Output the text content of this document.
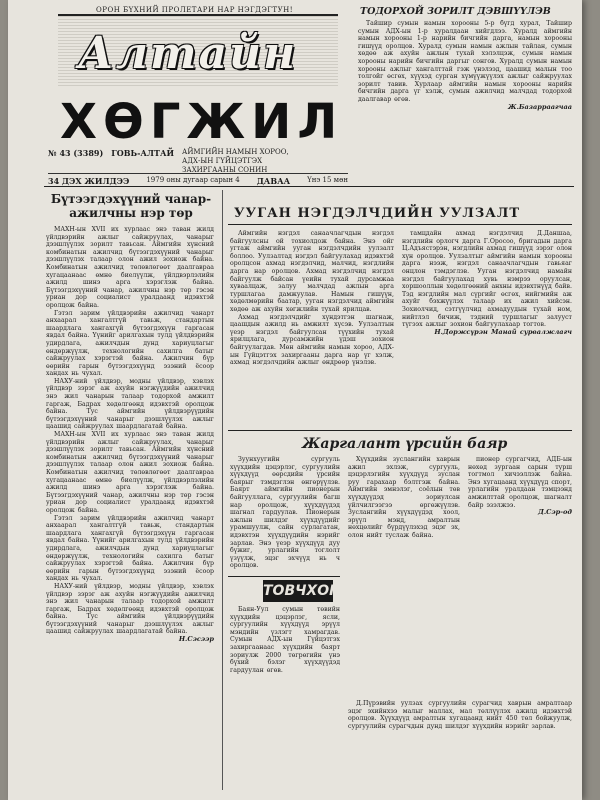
ОРОН БҮХНИЙ ПРОЛЕТАРИ НАР НЭГДЭГТУН!
Алтайн
ХӨГЖИЛ
№ 43 (3389) ГОВЬ-АЛТАЙ АЙМГИЙН НАМЫН ХОРОО, АДХ-ЫН ГҮЙЦЭТГЭХ ЗАХИРГААНЫ СОНИН
34 ДЭХ ЖИЛДЭЭ 1979 оны дугаар сарын 4 ДАВАА Үнэ 15 мөн
ТОДОРХОЙ ЗОРИЛТ ДЭВШҮҮЛЭВ

Тайшир сумын намын хорооны 5-р бүгд хурал, Тайшир сумын АДХ-ын 1-р хуралдаан хийгдлээ. Хуралд аймгийн намын хорооны 1-р нарийн бичгийн дарга, намын хорооны гишүүд оролцов. Хуралд сумын намын ажлын тайлан, сумын хөдөө аж ахуйн ажлын тухай хэлэлцэж, сумын намын хорооны нарийн бичгийн даргыг сонгов. Хуралд сумын намын хорооны ажлыг хангалттай гэж үнэлээд, цаашид малын тоо толгойг өсгөх, хүүхэд сурган хүмүүжүүлэх ажлыг сайжруулах зорилт тавив. Хурлаар аймгийн намын хорооны нарийн бичгийн дарга үг хэлж, сумын ажилчид малчдад тодорхой даалгавар өгөв.

Ж.Базарраагчаа
Бүтээгдэхүүний чанар-ажилчны нэр төр

МАХН-ын XVII их хурлаас энэ таван жилд үйлдвэрийн ажлыг сайжруулах, чанарыг дээшлүүлэх зорилт тавьсан. Аймгийн хүнсний комбинатын ажилчид бүтээгдэхүүний чанарыг дээшлүүлэх талаар олон ажил зохиож байна. Комбинатын ажилчид төлөвлөгөөт даалгавраа хугацаанаас өмнө биелүүлж, үйлдвэрлэлийн ажилд шинэ арга хэрэглэж байна. Бүтээгдэхүүний чанар, ажилчны нэр төр гэсэн уриан дор социалист уралдаанд идэвхтэй оролцож байна.

Гэтэл зарим үйлдвэрийн ажилчид чанарт анхаарал хангалтгүй тавьж, стандартын шаардлага хангахгүй бүтээгдэхүүн гаргасан явдал байна. Үүнийг арилгахын тулд үйлдвэрийн удирдлага, ажилчдын дунд хариуцлагыг өндөржүүлж, технологийн сахилга батыг сайжруулах хэрэгтэй байна. Ажилчин бүр өөрийн гарын бүтээгдэхүүнд эзэний ёсоор хандах нь чухал.

НАХУ-ний үйлдвэр, модны үйлдвэр, хэвлэх үйлдвэр зэрэг аж ахуйн нэгжүүдийн ажилчид энэ жил чанарын талаар тодорхой амжилт гаргаж, Бадрах хөдөлгөөнд идэвхтэй оролцож байна. Тус аймгийн үйлдвэрүүдийн бүтээгдэхүүний чанарыг дээшлүүлэх ажлыг цаашид сайжруулах шаардлагатай байна.

МАХН-ын XVII их хурлаас энэ таван жилд үйлдвэрийн ажлыг сайжруулах, чанарыг дээшлүүлэх зорилт тавьсан. Аймгийн хүнсний комбинатын ажилчид бүтээгдэхүүний чанарыг дээшлүүлэх талаар олон ажил зохиож байна. Комбинатын ажилчид төлөвлөгөөт даалгавраа хугацаанаас өмнө биелүүлж, үйлдвэрлэлийн ажилд шинэ арга хэрэглэж байна. Бүтээгдэхүүний чанар, ажилчны нэр төр гэсэн уриан дор социалист уралдаанд идэвхтэй оролцож байна.

Гэтэл зарим үйлдвэрийн ажилчид чанарт анхаарал хангалтгүй тавьж, стандартын шаардлага хангахгүй бүтээгдэхүүн гаргасан явдал байна. Үүнийг арилгахын тулд үйлдвэрийн удирдлага, ажилчдын дунд хариуцлагыг өндөржүүлж, технологийн сахилга батыг сайжруулах хэрэгтэй байна. Ажилчин бүр өөрийн гарын бүтээгдэхүүнд эзэний ёсоор хандах нь чухал.

НАХУ-ний үйлдвэр, модны үйлдвэр, хэвлэх үйлдвэр зэрэг аж ахуйн нэгжүүдийн ажилчид энэ жил чанарын талаар тодорхой амжилт гаргаж, Бадрах хөдөлгөөнд идэвхтэй оролцож байна. Тус аймгийн үйлдвэрүүдийн бүтээгдэхүүний чанарыг дээшлүүлэх ажлыг цаашид сайжруулах шаардлагатай байна.

Н.Сэсээр
УУГАН НЭГДЭЛЧДИЙН УУЛЗАЛТ

Аймгийн нэгдэл санаачлагчдын нэгдэл байгуулсны ой тохиолдож байна. Энэ ойг угтаж аймгийн ууган нэгдэлчдийн уулзалт боллоо. Уулзалтад нэгдэл байгуулахад идэвхтэй оролцсон ахмад нэгдэлчид, малчид, нэгдлийн дарга нар оролцов. Ахмад нэгдэлчид нэгдэл байгуулж байсан үеийн тухай дурсамжаа хуваалцаж, залуу малчдад ажлын арга туршлагаа дамжуулав. Намын гишүүн, хөдөлмөрийн баатар, ууган нэгдэлчид аймгийн хөдөө аж ахуйн хөгжлийн тухай ярилцав.

Ахмад нэгдэлчдийг хүндэтгэн шагнаж, цаашдын ажилд нь амжилт хүсэв. Уулзалтын үеэр нэгдэл байгуулсан түүхийн тухай ярилцлага, дурсамжийн үдэш зохион байгуулагдав. Мөн аймгийн намын хороо, АДХ-ын Гүйцэтгэх захиргааны дарга нар үг хэлж, ахмад нэгдэлчдийн ажлыг өндрөөр үнэлэв.

тамцдайн ахмад нэгдэлчид Д.Даншаа, нэгдлийн орлогч дарга Г.Оросоо, бригадын дарга Ц.Адъястэрэн, нэгдлийн ахмад гишүүд зэрэг олон хүн оролцов. Уулзалтыг аймгийн намын хорооны дарга нээж, нэгдэл санаачлагчдын гавьяаг онцлон тэмдэглэв. Ууган нэгдэлчид намайн нэгдэл байгуулахад хувь нэмрээ оруулсан, хоршооллын хөдөлгөөний анхны идэвхтнүүд байв. Тэд нэгдлийн мал сүргийг өсгөх, нийгмийн аж ахуйг бэхжүүлэх талаар их ажил хийсэн. Зохиолчид, сэтгүүлчид ахмадуудын тухай ном, нийтлэл бичиж, тэдний туршлагыг залууст түгээх ажлыг зохион байгуулахаар тогтов.

Н.Доржсүрэн Манай сурвалжлагч
Жаргалант үрсийн баяр

Зуунхуугийн сургууль хүүхдийн цэцэрлэг, сургуулийн хүүхдүүд өөрсдийн үрсийн баярыг тэмдэглэн өнгөрүүлэв. Баярт аймгийн пионерын байгууллага, сургуулийн багш нар оролцож, хүүхдүүдэд шагнал гардуулав. Пионерын ажлын шилдэг хүүхдүүдийг урамшуулж, сайн сурлагатан, идэвхтэн хүүхдүүдийн нэрийг зарлав. Энэ үеэр хүүхдүүд дуу бүжиг, урлагийн тоглолт үзүүлж, эцэг эхчүүд нь ч оролцов.

Хүүхдийн зуслангийн хаврын ажил эхлэж, сургууль, цэцэрлэгийн хүүхдүүд зуслан руу гарахаар бэлтгэж байна. Аймгийн эмнэлэг, соёлын төв хүүхдүүдэд зориулсан үйлчилгээгээ өргөжүүлэв. Зуслангийн хүүхдүүдэд хоол, эрүүл мэнд, амралтын нөхцөлийг бүрдүүлэхэд эцэг эх, олон нийт туслаж байна.

пионер сургагчид, АДБ-ын нөхөд зургаан сарын турш тогтмол хичээллэж байна. Энэ хугацаанд хүүхдүүд спорт, урлагийн уралдаан тэмцээнд амжилттай оролцож, шагналт байр эзэлжээ.

Д.Сэр-од
ТОВЧХОН

Баян-Уул сумын төвийн хүүхдийн цэцэрлэг, ясли, сургуулийн хүүхдүүд эрүүл мэндийн үзлэгт хамрагдав. Сумын АДХ-ын Гүйцэтгэх захиргаанаас хүүхдийн баярт зориулж 2000 төгрөгийн үнэ бүхий бэлэг хүүхдүүдэд гардуулан өгөв.

Д.Пүрэвийн уулзах сургуулийн сурагчид хаврын амралтаар эцэг эхийнхээ малыг маллах, мал төллүүлэх ажилд идэвхтэй оролцов. Хүүхдүүд амралтын хугацаанд нийт 450 төл бойжуулж, сургуулийн сурагчдын дунд шилдэг хүүхдийн нэрийг зарлав.
